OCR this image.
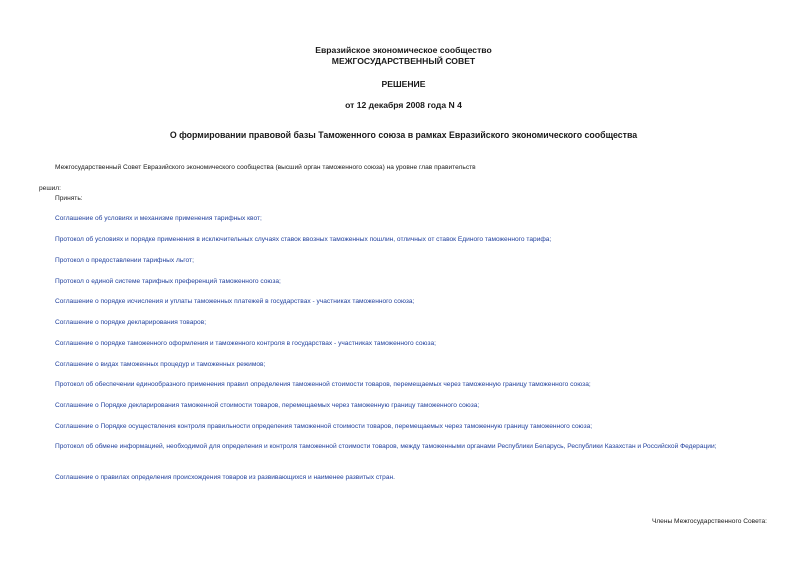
Евразийское экономическое сообщество
МЕЖГОСУДАРСТВЕННЫЙ СОВЕТ
РЕШЕНИЕ
от 12 декабря 2008 года N 4
О формировании правовой базы Таможенного союза в рамках Евразийского экономического сообщества
Межгосударственный Совет Евразийского экономического сообщества (высший орган таможенного союза) на уровне глав правительств
решил:
Принять:
Соглашение об условиях и механизме применения тарифных квот;
Протокол об условиях и порядке применения в исключительных случаях ставок ввозных таможенных пошлин, отличных от ставок Единого таможенного тарифа;
Протокол о предоставлении тарифных льгот;
Протокол о единой системе тарифных преференций таможенного союза;
Соглашение о порядке исчисления и уплаты таможенных платежей в государствах - участниках таможенного союза;
Соглашение о порядке декларирования товаров;
Соглашение о порядке таможенного оформления и таможенного контроля в государствах - участниках таможенного союза;
Соглашение о видах таможенных процедур и таможенных режимов;
Протокол об обеспечении единообразного применения правил определения таможенной стоимости товаров, перемещаемых через таможенную границу таможенного союза;
Соглашение о Порядке декларирования таможенной стоимости товаров, перемещаемых через таможенную границу таможенного союза;
Соглашение о Порядке осуществления контроля правильности определения таможенной стоимости товаров, перемещаемых через таможенную границу таможенного союза;
Протокол об обмене информацией, необходимой для определения и контроля таможенной стоимости товаров, между таможенными органами Республики Беларусь, Республики Казахстан и Российской Федерации;
Соглашение о правилах определения происхождения товаров из развивающихся и наименее развитых стран.
Члены Межгосударственного Совета:
